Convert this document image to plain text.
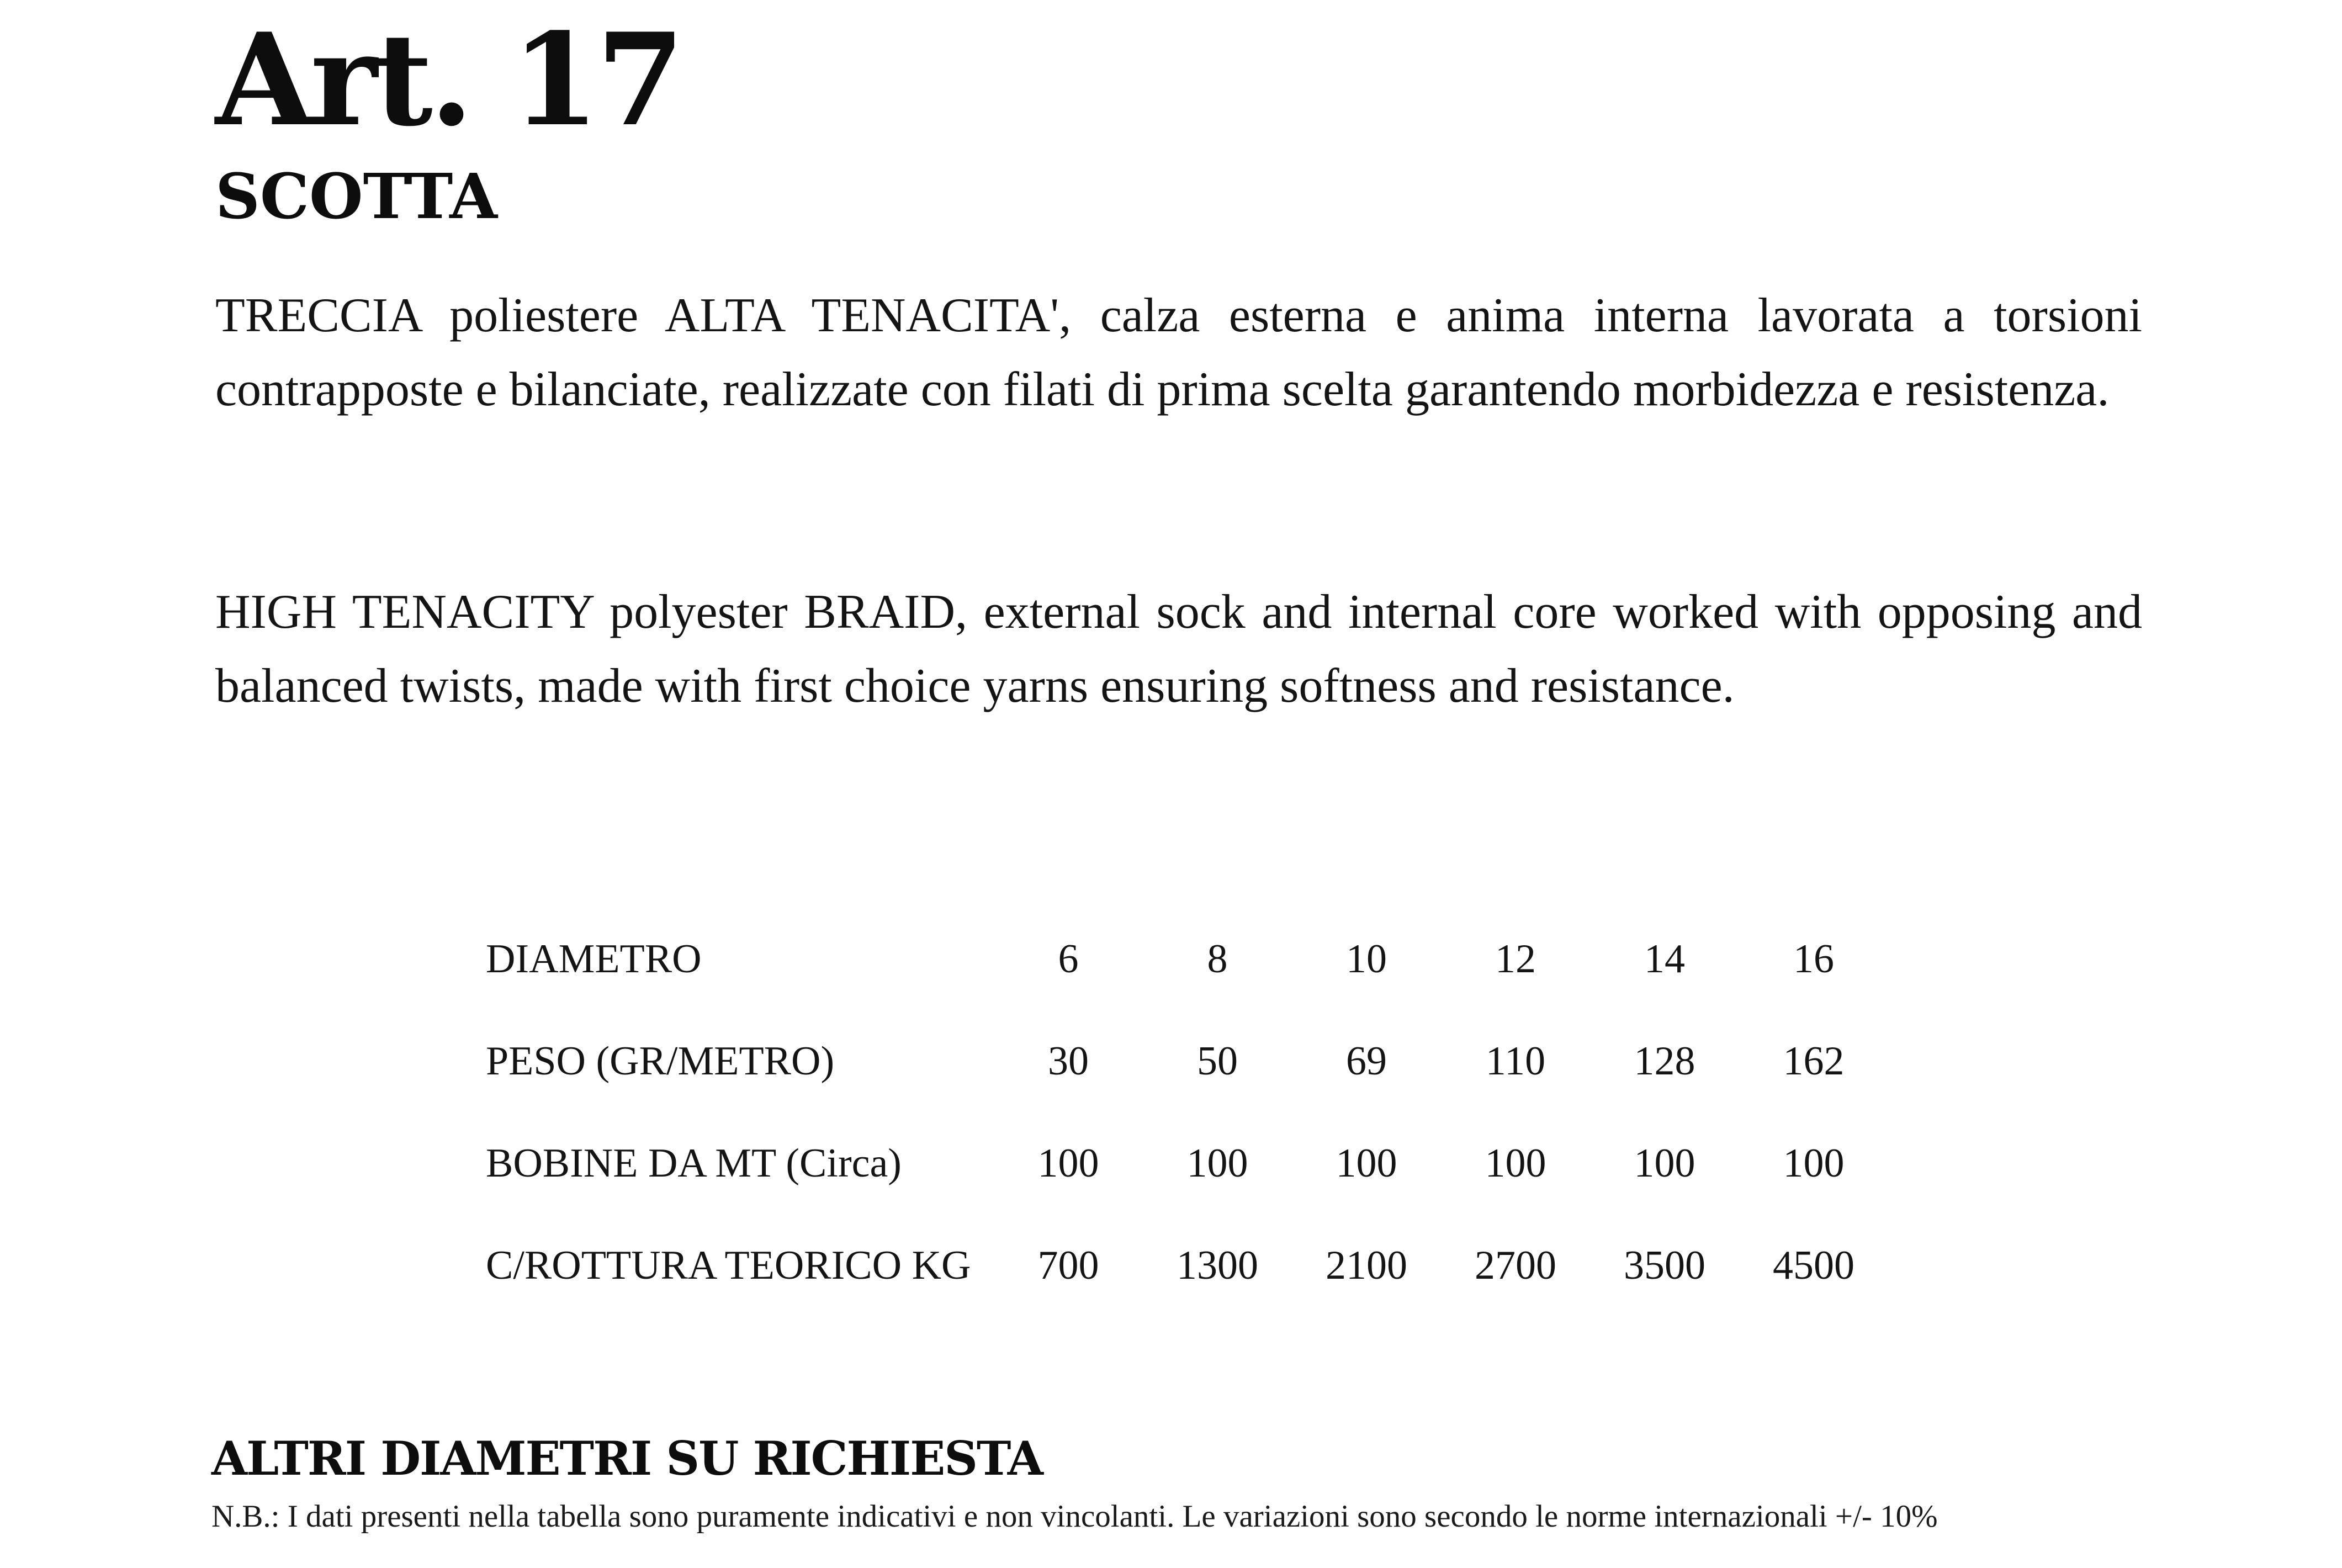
Art. 17
SCOTTA

TRECCIA poliestere ALTA TENACITA', calza esterna e anima interna lavorata a torsioni contrapposte e bilanciate, realizzate con filati di prima scelta garantendo morbidezza e resistenza.

HIGH TENACITY polyester BRAID, external sock and internal core worked with opposing and balanced twists, made with first choice yarns ensuring softness and resistance.

DIAMETRO	6	8	10	12	14	16
PESO (GR/METRO)	30	50	69	110	128	162
BOBINE DA MT (Circa)	100	100	100	100	100	100
C/ROTTURA TEORICO KG	700	1300	2100	2700	3500	4500
ALTRI DIAMETRI SU RICHIESTA

N.B.: I dati presenti nella tabella sono puramente indicativi e non vincolanti. Le variazioni sono secondo le norme internazionali +/- 10%
